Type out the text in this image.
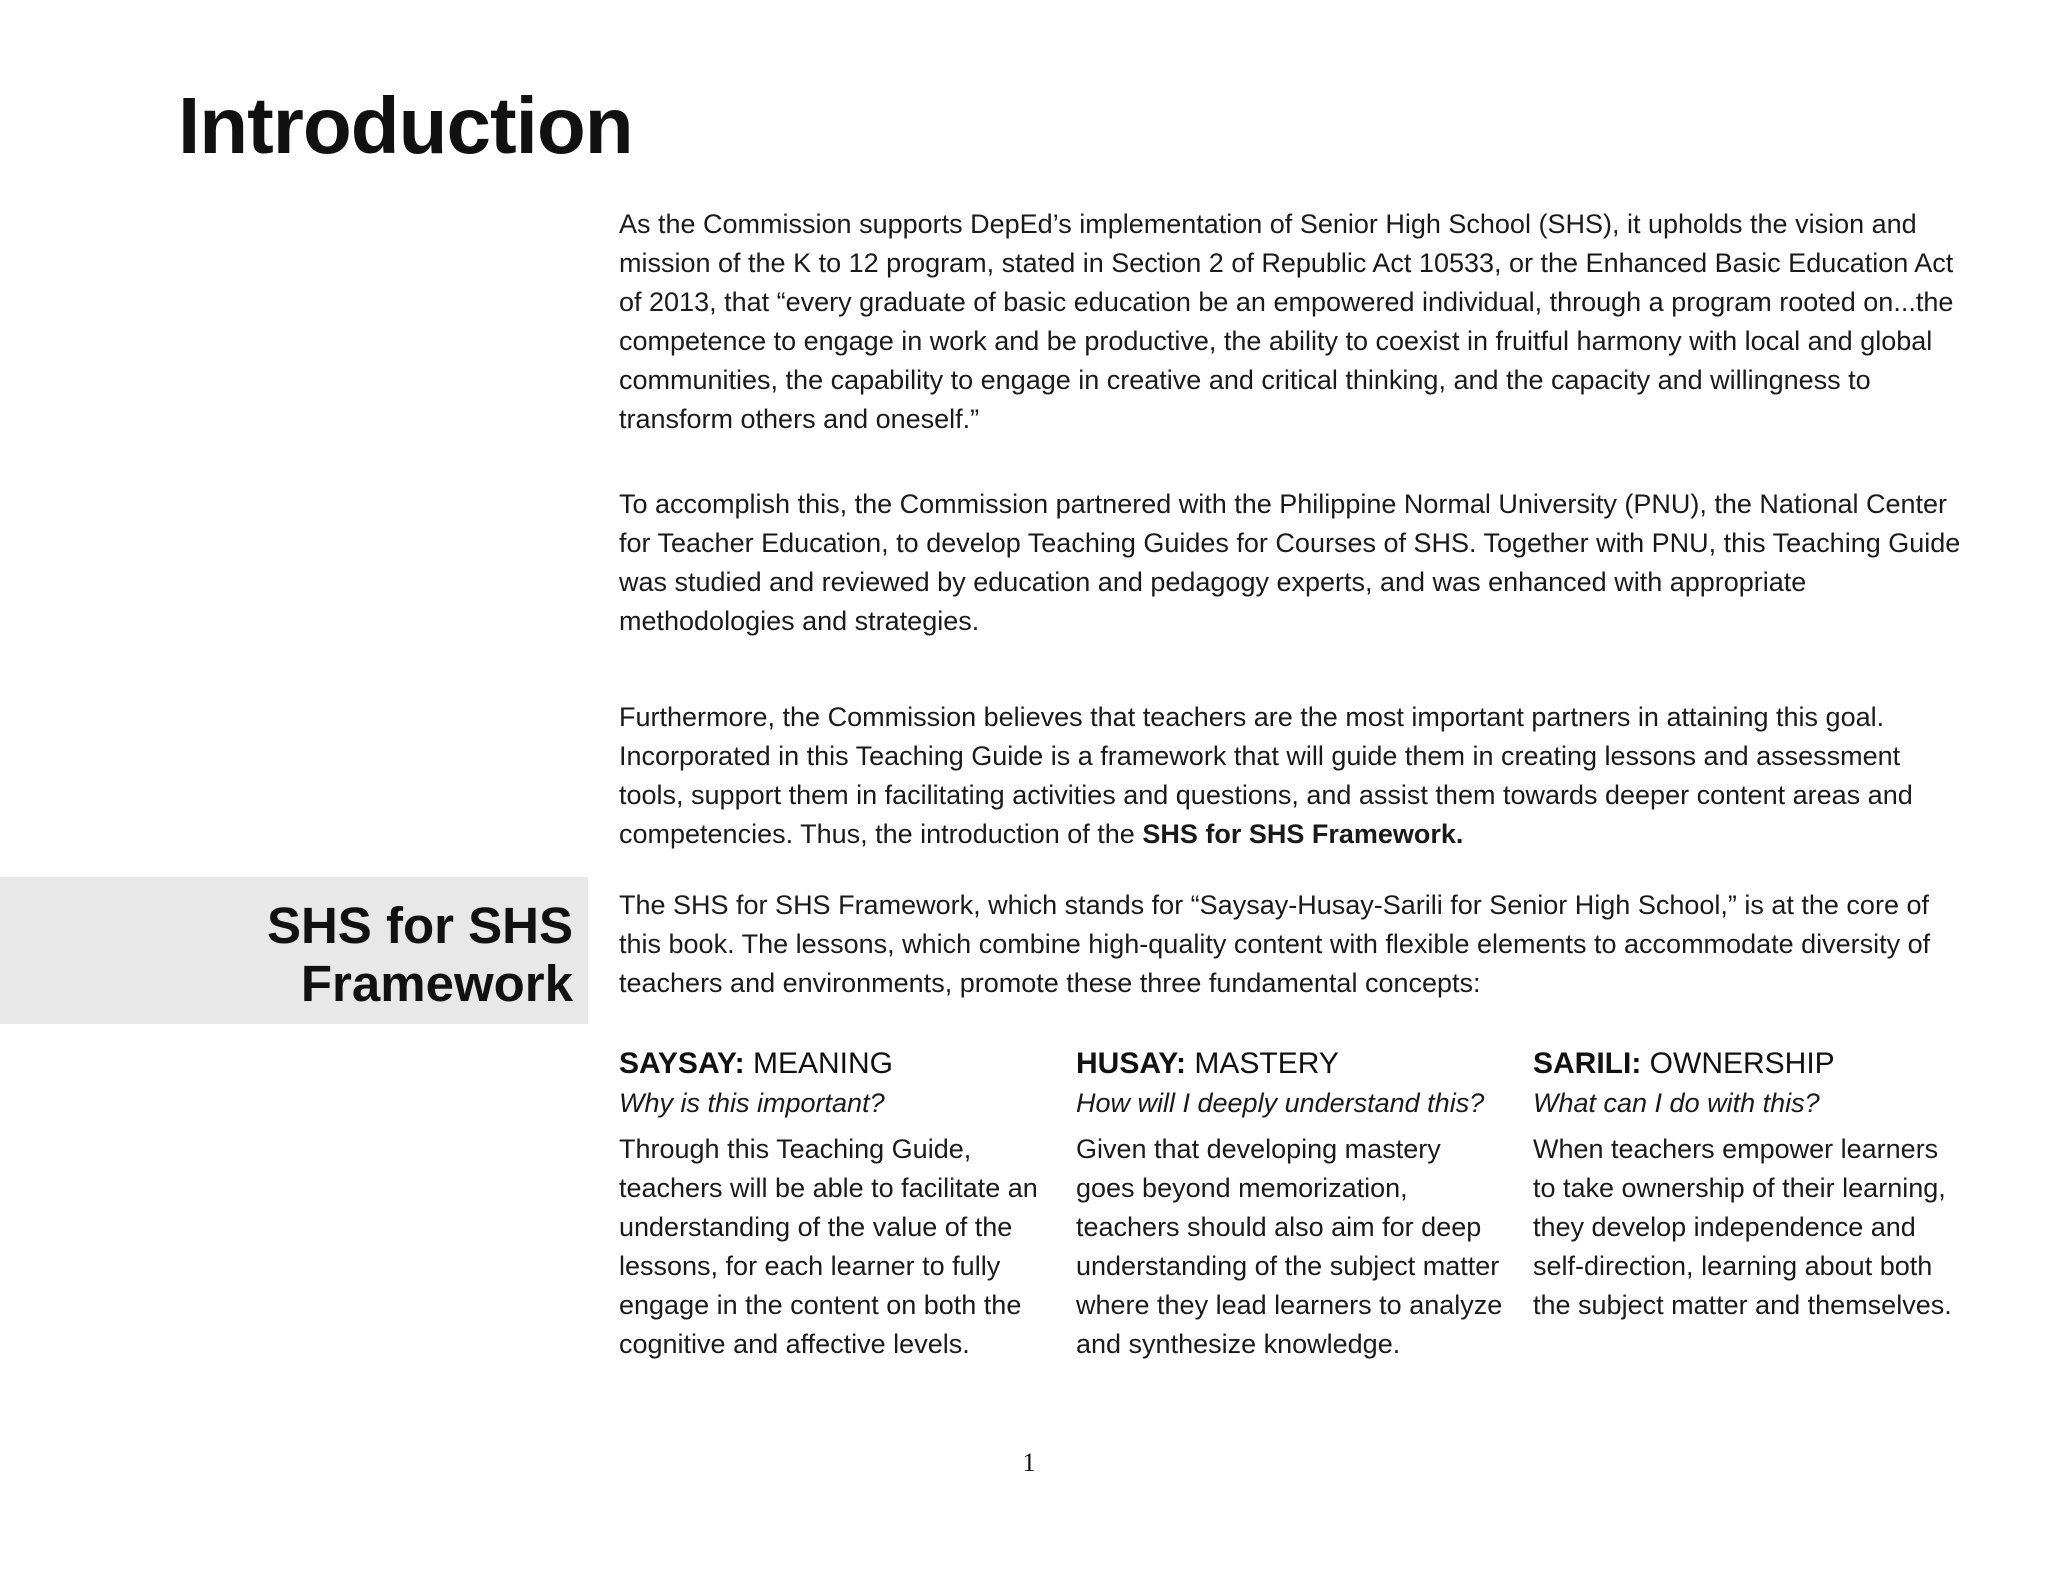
Introduction

As the Commission supports DepEd’s implementation of Senior High School (SHS), it upholds the vision and mission of the K to 12 program, stated in Section 2 of Republic Act 10533, or the Enhanced Basic Education Act of 2013, that “every graduate of basic education be an empowered individual, through a program rooted on...the competence to engage in work and be productive, the ability to coexist in fruitful harmony with local and global communities, the capability to engage in creative and critical thinking, and the capacity and willingness to transform others and oneself.”

To accomplish this, the Commission partnered with the Philippine Normal University (PNU), the National Center for Teacher Education, to develop Teaching Guides for Courses of SHS. Together with PNU, this Teaching Guide was studied and reviewed by education and pedagogy experts, and was enhanced with appropriate methodologies and strategies.

Furthermore, the Commission believes that teachers are the most important partners in attaining this goal. Incorporated in this Teaching Guide is a framework that will guide them in creating lessons and assessment tools, support them in facilitating activities and questions, and assist them towards deeper content areas and competencies. Thus, the introduction of the SHS for SHS Framework.

SHS for SHS
Framework

The SHS for SHS Framework, which stands for “Saysay-Husay-Sarili for Senior High School,” is at the core of this book. The lessons, which combine high-quality content with flexible elements to accommodate diversity of teachers and environments, promote these three fundamental concepts:

SAYSAY: MEANING

Why is this important?

Through this Teaching Guide, teachers will be able to facilitate an understanding of the value of the lessons, for each learner to fully engage in the content on both the cognitive and affective levels.

HUSAY: MASTERY

How will I deeply understand this?

Given that developing mastery goes beyond memorization, teachers should also aim for deep understanding of the subject matter where they lead learners to analyze and synthesize knowledge.

SARILI: OWNERSHIP

What can I do with this?

When teachers empower learners to take ownership of their learning, they develop independence and self-direction, learning about both the subject matter and themselves.

1
